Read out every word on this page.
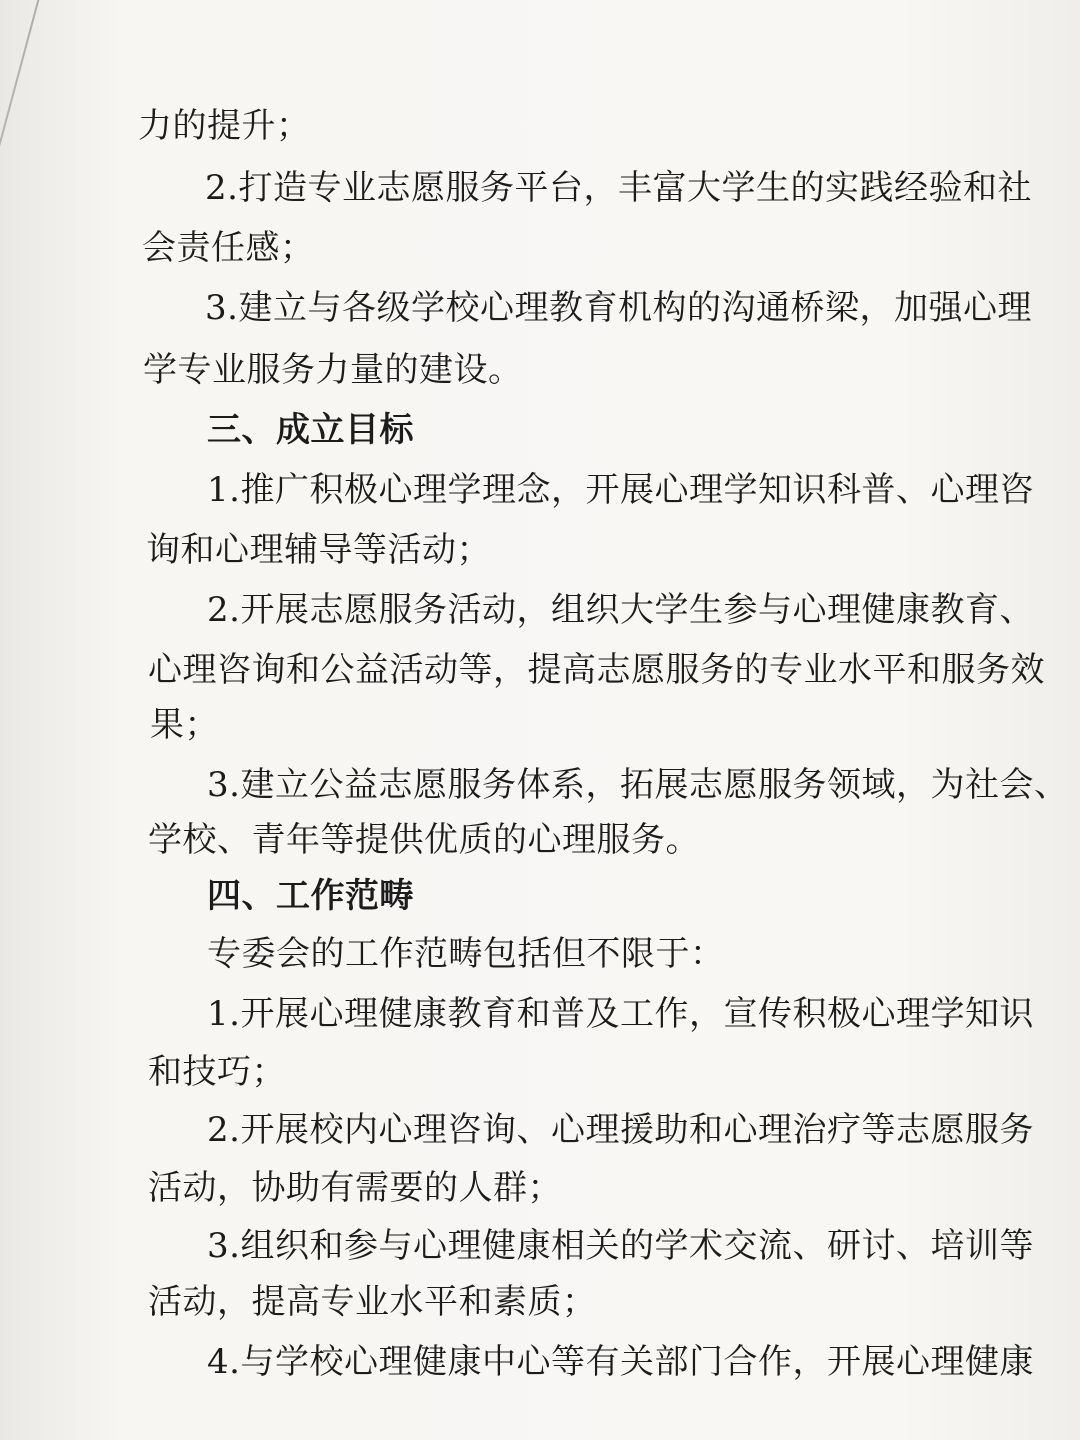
力的提升；
2.打造专业志愿服务平台，丰富大学生的实践经验和社
会责任感；
3.建立与各级学校心理教育机构的沟通桥梁，加强心理
学专业服务力量的建设。
三、成立目标
1.推广积极心理学理念，开展心理学知识科普、心理咨
询和心理辅导等活动；
2.开展志愿服务活动，组织大学生参与心理健康教育、
心理咨询和公益活动等，提高志愿服务的专业水平和服务效
果；
3.建立公益志愿服务体系，拓展志愿服务领域，为社会、
学校、青年等提供优质的心理服务。
四、工作范畴
专委会的工作范畴包括但不限于：
1.开展心理健康教育和普及工作，宣传积极心理学知识
和技巧；
2.开展校内心理咨询、心理援助和心理治疗等志愿服务
活动，协助有需要的人群；
3.组织和参与心理健康相关的学术交流、研讨、培训等
活动，提高专业水平和素质；
4.与学校心理健康中心等有关部门合作，开展心理健康
